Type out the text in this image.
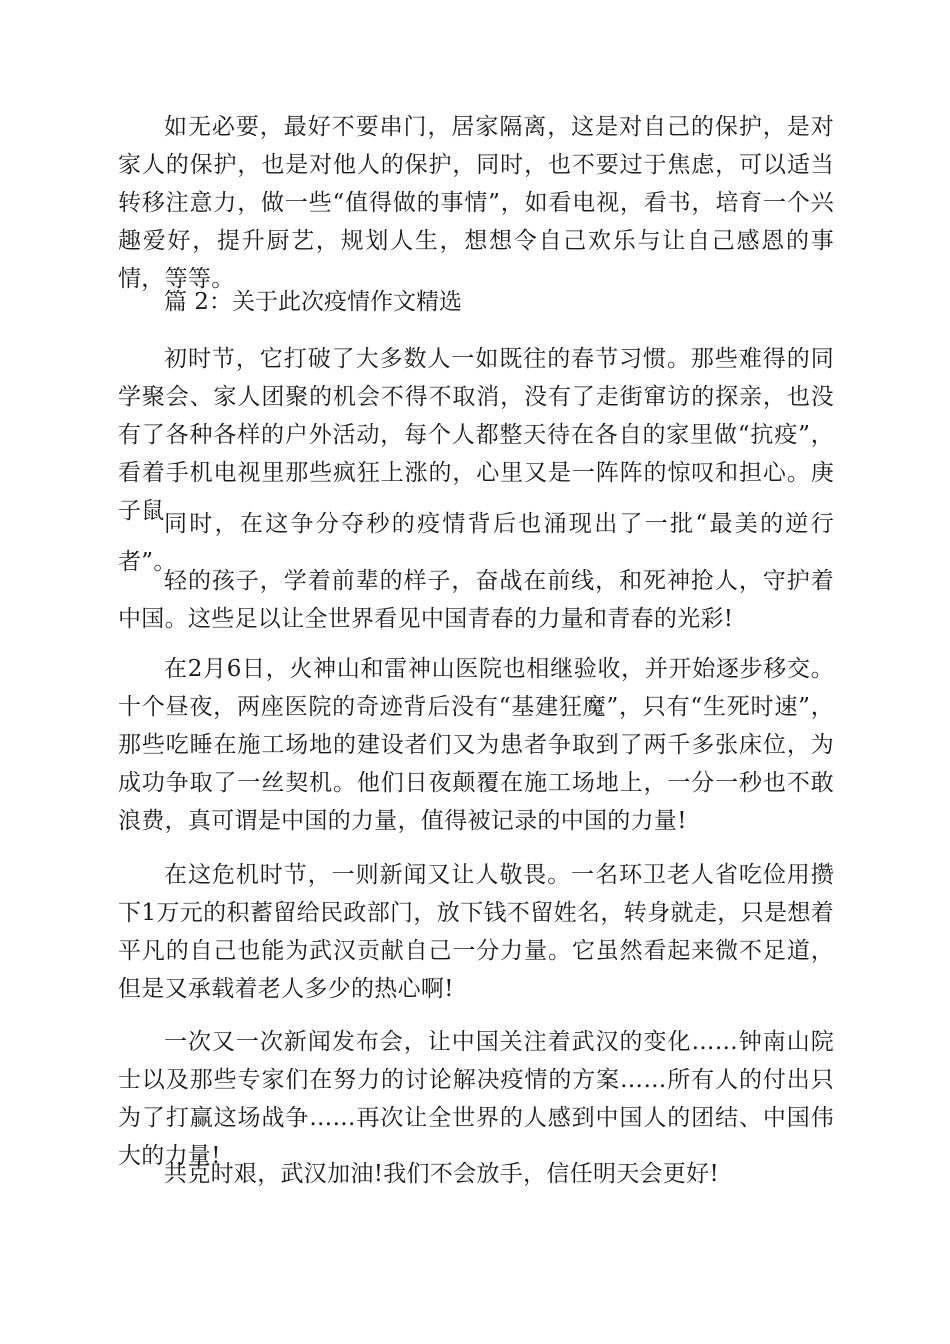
如无必要，最好不要串门，居家隔离，这是对自己的保护，是对家人的保护，也是对他人的保护，同时，也不要过于焦虑，可以适当转移注意力，做一些“值得做的事情”，如看电视，看书，培育一个兴趣爱好，提升厨艺，规划人生，想想令自己欢乐与让自己感恩的事情，等等。

篇 2：关于此次疫情作文精选

初时节，它打破了大多数人一如既往的春节习惯。那些难得的同学聚会、家人团聚的机会不得不取消，没有了走街窜访的探亲，也没有了各种各样的户外活动，每个人都整天待在各自的家里做“抗疫”，看着手机电视里那些疯狂上涨的，心里又是一阵阵的惊叹和担心。庚子鼠 同时，在这争分夺秒的疫情背后也涌现出了一批“最美的逆行者”。

轻的孩子，学着前辈的样子，奋战在前线，和死神抢人，守护着中国。这些足以让全世界看见中国青春的力量和青春的光彩!

在2月6日，火神山和雷神山医院也相继验收，并开始逐步移交。十个昼夜，两座医院的奇迹背后没有“基建狂魔”，只有“生死时速”，那些吃睡在施工场地的建设者们又为患者争取到了两千多张床位，为成功争取了一丝契机。他们日夜颠覆在施工场地上，一分一秒也不敢浪费，真可谓是中国的力量，值得被记录的中国的力量!

在这危机时节，一则新闻又让人敬畏。一名环卫老人省吃俭用攒下1万元的积蓄留给民政部门，放下钱不留姓名，转身就走，只是想着平凡的自己也能为武汉贡献自己一分力量。它虽然看起来微不足道，但是又承载着老人多少的热心啊!

一次又一次新闻发布会，让中国关注着武汉的变化……钟南山院士以及那些专家们在努力的讨论解决疫情的方案……所有人的付出只为了打赢这场战争……再次让全世界的人感到中国人的团结、中国伟大的力量!

共克时艰，武汉加油!我们不会放手，信任明天会更好!
